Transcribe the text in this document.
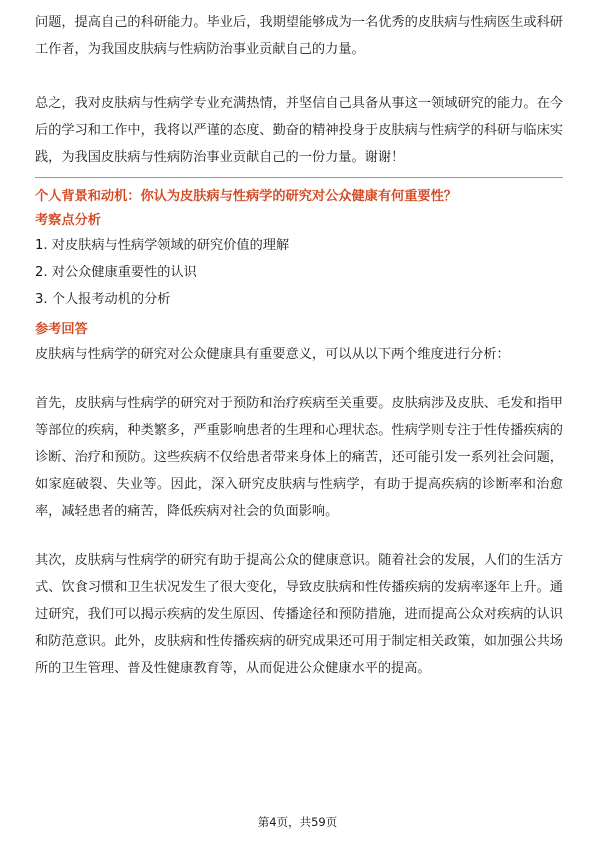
问题，提高自己的科研能力。毕业后，我期望能够成为一名优秀的皮肤病与性病医生或科研工作者，为我国皮肤病与性病防治事业贡献自己的力量。

总之，我对皮肤病与性病学专业充满热情，并坚信自己具备从事这一领域研究的能力。在今后的学习和工作中，我将以严谨的态度、勤奋的精神投身于皮肤病与性病学的科研与临床实践，为我国皮肤病与性病防治事业贡献自己的一份力量。谢谢！

个人背景和动机：你认为皮肤病与性病学的研究对公众健康有何重要性？

考察点分析

1. 对皮肤病与性病学领域的研究价值的理解

2. 对公众健康重要性的认识

3. 个人报考动机的分析

参考回答

皮肤病与性病学的研究对公众健康具有重要意义，可以从以下两个维度进行分析：

首先，皮肤病与性病学的研究对于预防和治疗疾病至关重要。皮肤病涉及皮肤、毛发和指甲等部位的疾病，种类繁多，严重影响患者的生理和心理状态。性病学则专注于性传播疾病的诊断、治疗和预防。这些疾病不仅给患者带来身体上的痛苦，还可能引发一系列社会问题，如家庭破裂、失业等。因此，深入研究皮肤病与性病学，有助于提高疾病的诊断率和治愈率，减轻患者的痛苦，降低疾病对社会的负面影响。

其次，皮肤病与性病学的研究有助于提高公众的健康意识。随着社会的发展，人们的生活方式、饮食习惯和卫生状况发生了很大变化，导致皮肤病和性传播疾病的发病率逐年上升。通过研究，我们可以揭示疾病的发生原因、传播途径和预防措施，进而提高公众对疾病的认识和防范意识。此外，皮肤病和性传播疾病的研究成果还可用于制定相关政策，如加强公共场所的卫生管理、普及性健康教育等，从而促进公众健康水平的提高。

第4页，共59页
